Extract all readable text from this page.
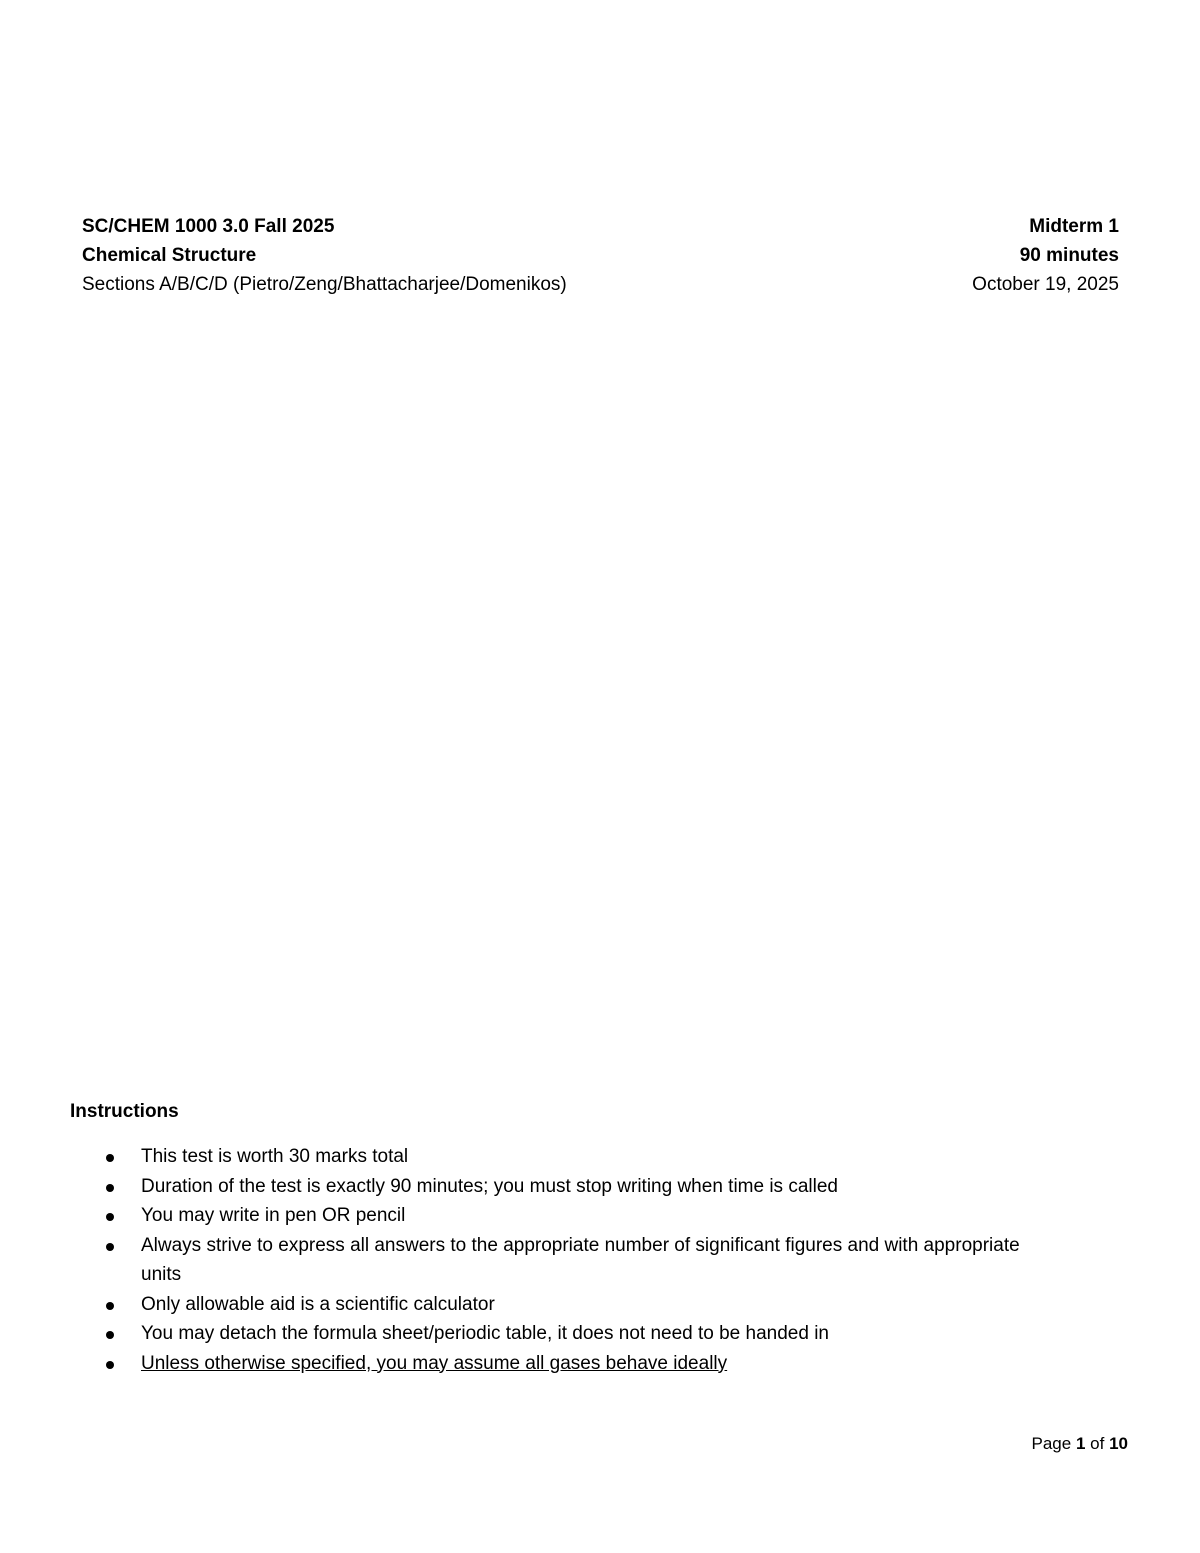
SC/CHEM 1000 3.0 Fall 2025	Midterm 1
Chemical Structure	90 minutes
Sections A/B/C/D (Pietro/Zeng/Bhattacharjee/Domenikos)	October 19, 2025
Instructions
This test is worth 30 marks total
Duration of the test is exactly 90 minutes; you must stop writing when time is called
You may write in pen OR pencil
Always strive to express all answers to the appropriate number of significant figures and with appropriate units
Only allowable aid is a scientific calculator
You may detach the formula sheet/periodic table, it does not need to be handed in
Unless otherwise specified, you may assume all gases behave ideally
Page 1 of 10
